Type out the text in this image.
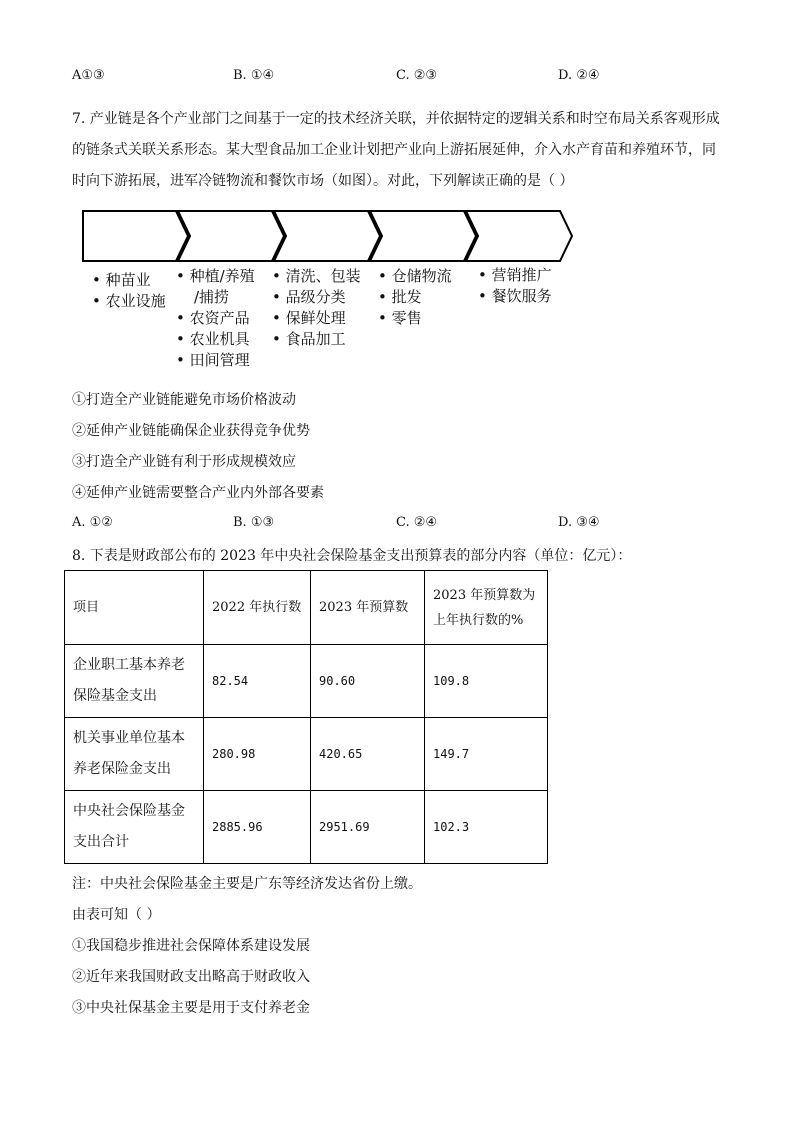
A①③	B. ①④	C. ②③	D. ②④
7. 产业链是各个产业部门之间基于一定的技术经济关联，并依据特定的逻辑关系和时空布局关系客观形成
的链条式关联关系形态。某大型食品加工企业计划把产业向上游拓展延伸，介入水产育苗和养殖环节，同
时向下游拓展，进军冷链物流和餐饮市场（如图）。对此，下列解读正确的是（ ）
• 种苗业
• 农业设施
• 种植/养殖
/捕捞
• 农资产品
• 农业机具
• 田间管理
• 清洗、包装
• 品级分类
• 保鲜处理
• 食品加工
• 仓储物流
• 批发
• 零售
• 营销推广
• 餐饮服务
①打造全产业链能避免市场价格波动
②延伸产业链能确保企业获得竞争优势
③打造全产业链有利于形成规模效应
④延伸产业链需要整合产业内外部各要素
A. ①②	B. ①③	C. ②④	D. ③④
8. 下表是财政部公布的 2023 年中央社会保险基金支出预算表的部分内容（单位：亿元）：
项目	2022 年执行数	2023 年预算数	2023 年预算数为
上年执行数的%

企业职工基本养老
保险基金支出	82.54	90.60	109.8

机关事业单位基本
养老保险金支出	280.98	420.65	149.7

中央社会保险基金
支出合计	2885.96	2951.69	102.3
注：中央社会保险基金主要是广东等经济发达省份上缴。
由表可知（ ）
①我国稳步推进社会保障体系建设发展
②近年来我国财政支出略高于财政收入
③中央社保基金主要是用于支付养老金
